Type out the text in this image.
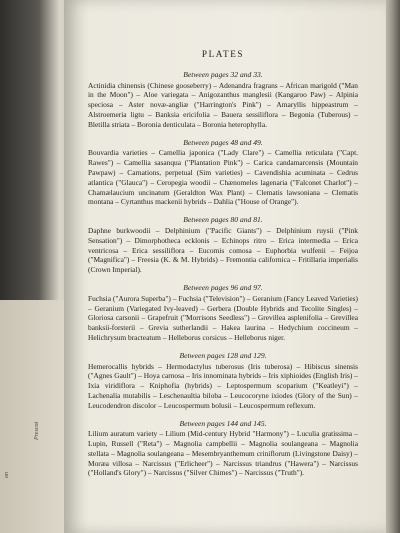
on
Prescot
PLATES

Between pages 32 and 33.

Actinidia chinensis (Chinese gooseberry) – Adenandra fragrans – African marigold ("Man in the Moon") – Aloe variegata – Anigozanthus manglesii (Kangaroo Paw) – Alpinia speciosa – Aster novæ-angliæ ("Harrington's Pink") – Amaryllis hippeastrum – Alstroemeria ligtu – Banksia ericifolia – Bauera sessiliflora – Begonia (Tuberous) – Bletilla striata – Boronia denticulata – Boronia heterophylla.

Between pages 48 and 49.

Bouvardia varieties – Camellia japonica ("Lady Clare") – Camellia reticulata ("Capt. Rawes") – Camellia sasanqua ("Plantation Pink") – Carica candamarcensis (Mountain Pawpaw) – Carnations, perpetual (Sim varieties) – Cavendishia acuminata – Cedrus atlantica ("Glauca") – Ceropegia woodii – Chænomeles lagenaria ("Falconet Charlot") – Chamælaucium uncinatum (Geraldton Wax Plant) – Clematis lawsoniana – Clematis montana – Cyrtanthus mackenii hybrids – Dahlia ("House of Orange").

Between pages 80 and 81.

Daphne burkwoodii – Delphinium ("Pacific Giants") – Delphinium ruysii ("Pink Sensation") – Dimorphotheca ecklonis – Echinops ritro – Erica intermedia – Erica ventricosa – Erica sessiliflora – Eucomis comosa – Euphorbia wulfenii – Feijoa ("Magnifica") – Freesia (K. & M. Hybrids) – Fremontia californica – Fritillaria imperialis (Crown Imperial).

Between pages 96 and 97.

Fuchsia ("Aurora Superba") – Fuchsia ("Television") – Geranium (Fancy Leaved Varieties) – Geranium (Variegated Ivy-leaved) – Gerbera (Double Hybrids and Tecolite Singles) – Gloriosa carsonii – Grapefruit ("Morrisons Seedless") – Grevillea asplenifolia – Grevillea banksii-forsterii – Grevia sutherlandii – Hakea laurina – Hedychium coccineum – Helichrysum bracteatum – Helleborus corsicus – Helleborus niger.

Between pages 128 and 129.

Hemerocallis hybrids – Hermodactylus tuberosus (Iris tuberosa) – Hibiscus sinensis ("Agnes Gault") – Hoya carnosa – Iris innominata hybrids – Iris xiphioides (English Iris) – Ixia viridiflora – Kniphofia (hybrids) – Leptospermum scoparium ("Keatleyi") – Lachenalia mutabilis – Leschenaultia biloba – Leucocoryne ixiodes (Glory of the Sun) – Leucodendron discolor – Leucospermum bolusii – Leucospermum reflexum.

Between pages 144 and 145.

Lilium auratum variety – Lilium (Mid-century Hybrid "Harmony") – Luculia gratissima – Lupin, Russell ("Reta") – Magnolia campbellii – Magnolia soulangeana – Magnolia stellata – Magnolia soulangeana – Mesembryanthemum criniflorum (Livingstone Daisy) – Moræa villosa – Narcissus ("Erlicheer") – Narcissus triandrus ("Hawera") – Narcissus ("Holland's Glory") – Narcissus ("Silver Chimes") – Narcissus ("Truth").
